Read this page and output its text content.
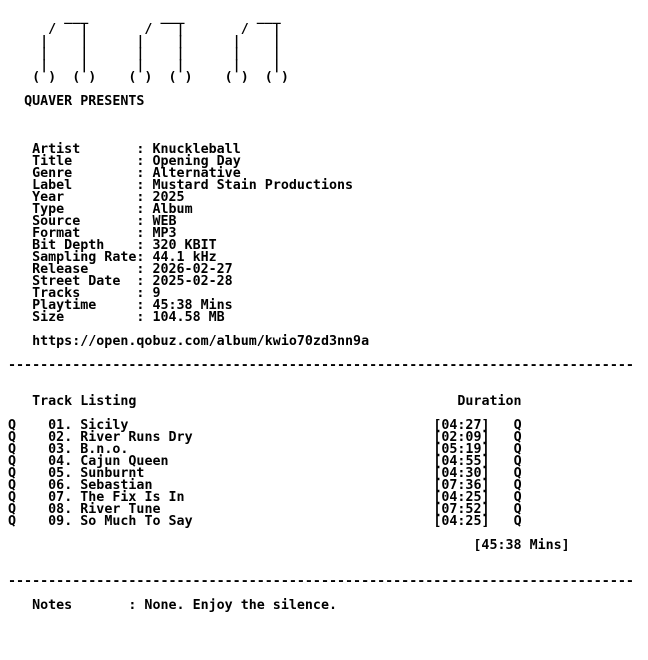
___         ___         ___
/   |       /   |       /   |
|    |      |    |      |    |
|    |      |    |      |    |
|    |      |    |      |    |
( )  ( )    ( )  ( )    ( )  ( )

QUAVER PRESENTS

Artist       : Knuckleball
Title        : Opening Day
Genre        : Alternative
Label        : Mustard Stain Productions
Year         : 2025
Type         : Album
Source       : WEB
Format       : MP3
Bit Depth    : 320 KBIT
Sampling Rate: 44.1 kHz
Release      : 2026-02-27
Street Date  : 2025-02-28
Tracks       : 9
Playtime     : 45:38 Mins
Size         : 104.58 MB

https://open.qobuz.com/album/kwio70zd3nn9a

------------------------------------------------------------------------------

Track Listing	Duration

Q 01. Sicily	[04:27] Q
Q 02. River Runs Dry	[02:09] Q
Q 03. B.n.o.	[05:19] Q
Q 04. Cajun Queen	[04:55] Q
Q 05. Sunburnt	[04:30] Q
Q 06. Sebastian	[07:36] Q
Q 07. The Fix Is In	[04:25] Q
Q 08. River Tune	[07:52] Q
Q 09. So Much To Say	[04:25] Q

[45:38 Mins]

------------------------------------------------------------------------------

Notes	: None. Enjoy the silence.
